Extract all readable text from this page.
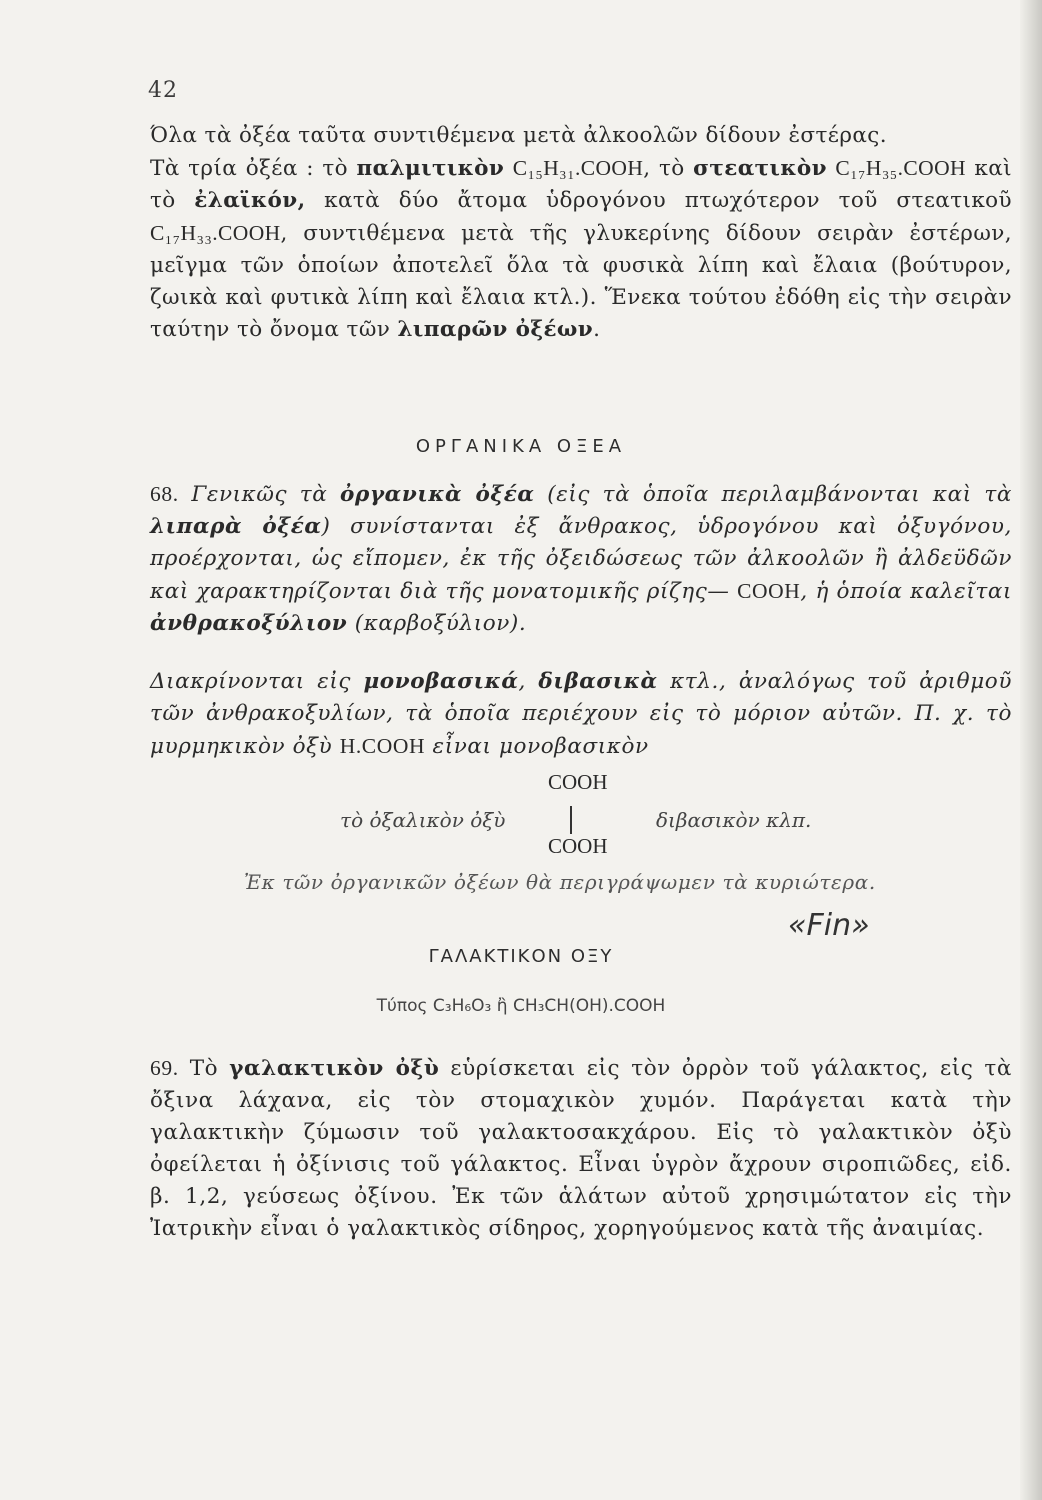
42
Όλα τὰ ὀξέα ταῦτα συντιθέμενα μετὰ ἀλκοολῶν δίδουν ἐστέρας.
Τὰ τρία ὀξέα : τὸ παλμιτικὸν C₁₅H₃₁.COOH, τὸ στεατικὸν C₁₇H₃₅.COOH καὶ τὸ ἐλαϊκόν, κατὰ δύο ἄτομα ὑδρογόνου πτωχότερον τοῦ στεατικοῦ C₁₇H₃₃.COOH, συντιθέμενα μετὰ τῆς γλυκερίνης δίδουν σειρὰν ἐστέρων, μεῖγμα τῶν ὁποίων ἀποτελεῖ ὅλα τὰ φυσικὰ λίπη καὶ ἔλαια (βούτυρον, ζωικὰ καὶ φυτικὰ λίπη καὶ ἔλαια κτλ.). Ἕνεκα τούτου ἐδόθη εἰς τὴν σειρὰν ταύτην τὸ ὄνομα τῶν λιπαρῶν ὀξέων.
ΟΡΓΑΝΙΚΑ ΟΞΕΑ
68. Γενικῶς τὰ ὀργανικὰ ὀξέα (εἰς τὰ ὁποῖα περιλαμβάνονται καὶ τὰ λιπαρὰ ὀξέα) συνίστανται ἐξ ἄνθρακος, ὑδρογόνου καὶ ὀξυγόνου, προέρχονται, ὡς εἴπομεν, ἐκ τῆς ὀξειδώσεως τῶν ἀλκοολῶν ἢ ἀλδεϋδῶν καὶ χαρακτηρίζονται διὰ τῆς μονατομικῆς ρίζης— COOH, ἡ ὁποία καλεῖται ἀνθρακοξύλιον (καρβοξύλιον).
Διακρίνονται εἰς μονοβασικά, διβασικὰ κτλ., ἀναλόγως τοῦ ἀριθμοῦ τῶν ἀνθρακοξυλίων, τὰ ὁποῖα περιέχουν εἰς τὸ μόριον αὐτῶν. Π. χ. τὸ μυρμηκικὸν ὀξὺ H.COOH εἶναι μονοβασικὸν
COOH
COOH
τὸ ὀξαλικὸν ὀξὺ	διβασικὸν κλπ.
Ἐκ τῶν ὀργανικῶν ὀξέων θὰ περιγράψωμεν τὰ κυριώτερα.
«Fin»
ΓΑΛΑΚΤΙΚΟΝ ΟΞΥ
Τύπος C₃H₆O₃ ἢ CH₃CH(OH).COOH
69. Τὸ γαλακτικὸν ὀξὺ εὑρίσκεται εἰς τὸν ὀρρὸν τοῦ γάλακτος, εἰς τὰ ὄξινα λάχανα, εἰς τὸν στομαχικὸν χυμόν. Παράγεται κατὰ τὴν γαλακτικὴν ζύμωσιν τοῦ γαλακτοσακχάρου. Εἰς τὸ γαλακτικὸν ὀξὺ ὀφείλεται ἡ ὀξίνισις τοῦ γάλακτος. Εἶναι ὑγρὸν ἄχρουν σιροπιῶδες, εἰδ. β. 1,2, γεύσεως ὀξίνου. Ἐκ τῶν ἁλάτων αὐτοῦ χρησιμώτατον εἰς τὴν Ἰατρικὴν εἶναι ὁ γαλακτικὸς σίδηρος, χορηγούμενος κατὰ τῆς ἀναιμίας.
